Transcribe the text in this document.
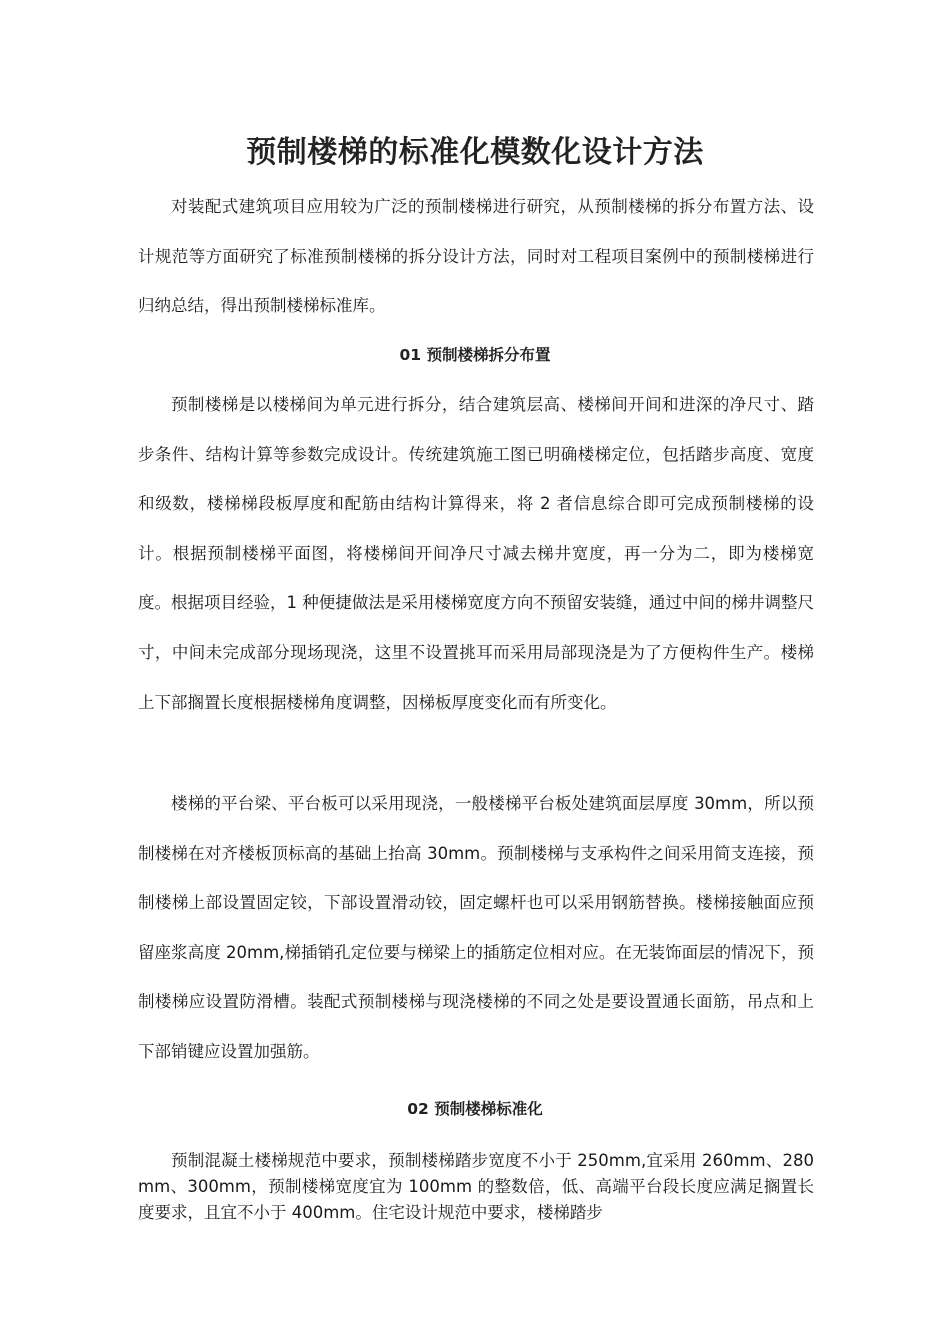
预制楼梯的标准化模数化设计方法

对装配式建筑项目应用较为广泛的预制楼梯进行研究，从预制楼梯的拆分布置方法、设计规范等方面研究了标准预制楼梯的拆分设计方法，同时对工程项目案例中的预制楼梯进行归纳总结，得出预制楼梯标准库。

01 预制楼梯拆分布置

预制楼梯是以楼梯间为单元进行拆分，结合建筑层高、楼梯间开间和进深的净尺寸、踏步条件、结构计算等参数完成设计。传统建筑施工图已明确楼梯定位，包括踏步高度、宽度和级数，楼梯梯段板厚度和配筋由结构计算得来，将 2 者信息综合即可完成预制楼梯的设计。根据预制楼梯平面图，将楼梯间开间净尺寸减去梯井宽度，再一分为二，即为楼梯宽度。根据项目经验，1 种便捷做法是采用楼梯宽度方向不预留安装缝，通过中间的梯井调整尺寸，中间未完成部分现场现浇，这里不设置挑耳而采用局部现浇是为了方便构件生产。楼梯上下部搁置长度根据楼梯角度调整，因梯板厚度变化而有所变化。

楼梯的平台梁、平台板可以采用现浇，一般楼梯平台板处建筑面层厚度 30mm，所以预制楼梯在对齐楼板顶标高的基础上抬高 30mm。预制楼梯与支承构件之间采用简支连接，预制楼梯上部设置固定铰，下部设置滑动铰，固定螺杆也可以采用钢筋替换。楼梯接触面应预留座浆高度 20mm,梯插销孔定位要与梯梁上的插筋定位相对应。在无装饰面层的情况下，预制楼梯应设置防滑槽。装配式预制楼梯与现浇楼梯的不同之处是要设置通长面筋，吊点和上下部销键应设置加强筋。

02 预制楼梯标准化

预制混凝土楼梯规范中要求，预制楼梯踏步宽度不小于 250mm,宜采用 260mm、280mm、300mm，预制楼梯宽度宜为 100mm 的整数倍，低、高端平台段长度应满足搁置长度要求，且宜不小于 400mm。住宅设计规范中要求，楼梯踏步
